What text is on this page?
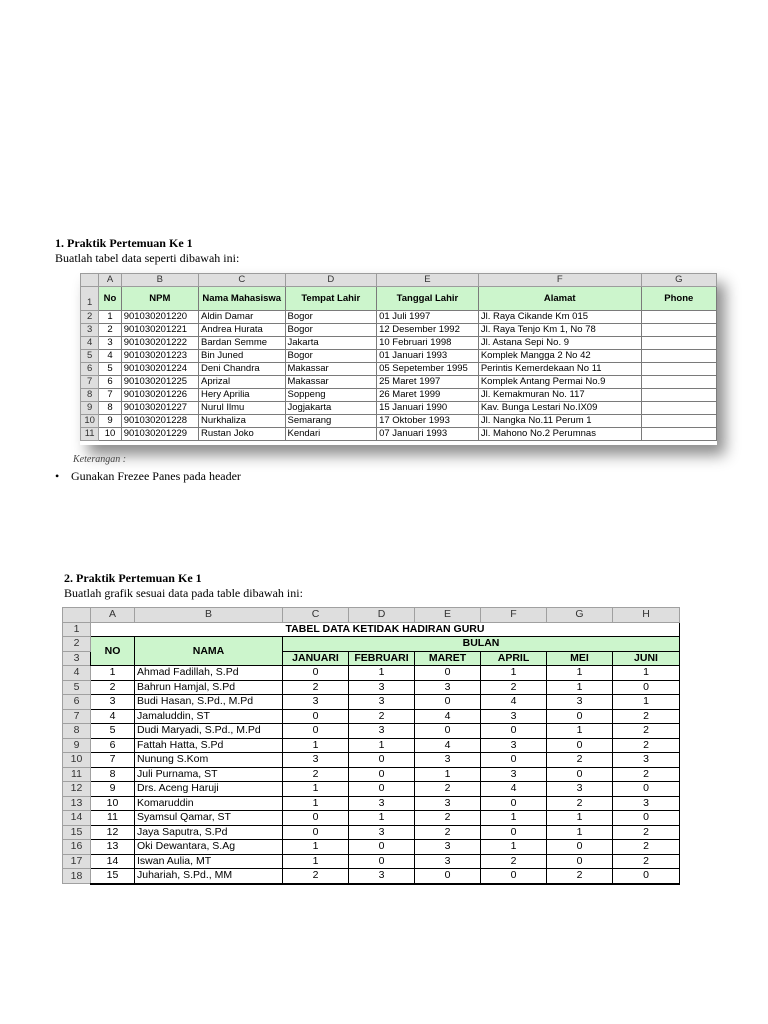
1. Praktik Pertemuan Ke 1
Buatlah tabel data seperti dibawah ini:
	A	B	C	D	E	F	G
1	No	NPM	Nama Mahasiswa	Tempat Lahir	Tanggal Lahir	Alamat	Phone
2	1	901030201220	Aldin Damar	Bogor	01 Juli 1997	Jl. Raya Cikande Km 015	
3	2	901030201221	Andrea Hurata	Bogor	12 Desember 1992	Jl. Raya Tenjo Km 1, No 78	
4	3	901030201222	Bardan Semme	Jakarta	10 Februari 1998	Jl. Astana Sepi No. 9	
5	4	901030201223	Bin Juned	Bogor	01 Januari 1993	Komplek Mangga 2 No 42	
6	5	901030201224	Deni Chandra	Makassar	05 Sepetember 1995	Perintis Kemerdekaan No 11	
7	6	901030201225	Aprizal	Makassar	25 Maret 1997	Komplek Antang Permai No.9	
8	7	901030201226	Hery Aprilia	Soppeng	26 Maret 1999	Jl. Kemakmuran No. 117	
9	8	901030201227	Nurul Ilmu	Jogjakarta	15 Januari 1990	Kav. Bunga Lestari No.IX09	
10	9	901030201228	Nurkhaliza	Semarang	17 Oktober 1993	Jl. Nangka No.11 Perum 1	
11	10	901030201229	Rustan Joko	Kendari	07 Januari 1993	Jl. Mahono No.2 Perumnas	
Keterangan :
• Gunakan Frezee Panes pada header
2. Praktik Pertemuan Ke 1
Buatlah grafik sesuai data pada table dibawah ini:
	A	B	C	D	E	F	G	H
1	TABEL DATA KETIDAK HADIRAN GURU							
2	NO	NAMA	BULAN					
3			JANUARI	FEBRUARI	MARET	APRIL	MEI	JUNI
4	1	Ahmad Fadillah, S.Pd	0	1	0	1	1	1
5	2	Bahrun Hamjal, S.Pd	2	3	3	2	1	0
6	3	Budi Hasan, S.Pd., M.Pd	3	3	0	4	3	1
7	4	Jamaluddin, ST	0	2	4	3	0	2
8	5	Dudi Maryadi, S.Pd., M.Pd	0	3	0	0	1	2
9	6	Fattah Hatta, S.Pd	1	1	4	3	0	2
10	7	Nunung S.Kom	3	0	3	0	2	3
11	8	Juli Purnama, ST	2	0	1	3	0	2
12	9	Drs. Aceng Haruji	1	0	2	4	3	0
13	10	Komaruddin	1	3	3	0	2	3
14	11	Syamsul Qamar, ST	0	1	2	1	1	0
15	12	Jaya Saputra, S.Pd	0	3	2	0	1	2
16	13	Oki Dewantara, S.Ag	1	0	3	1	0	2
17	14	Iswan Aulia, MT	1	0	3	2	0	2
18	15	Juhariah, S.Pd., MM	2	3	0	0	2	0
